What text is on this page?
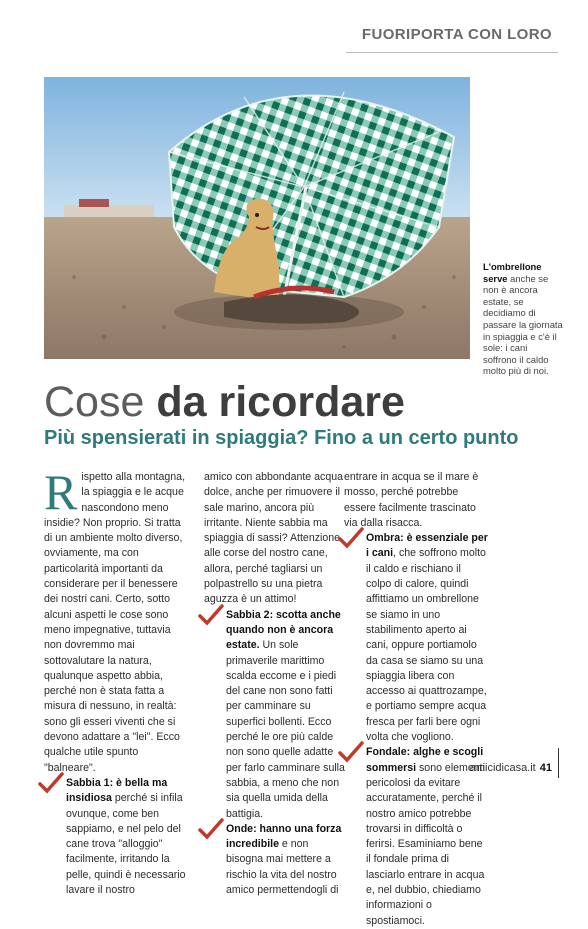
FUORIPORTA CON LORO
L'ombrellone serve anche se non è ancora estate, se decidiamo di passare la giornata in spiaggia e c'è il sole: i cani soffrono il caldo molto più di noi.
Cose da ricordare
Più spensierati in spiaggia? Fino a un certo punto

Rispetto alla montagna, la spiaggia e le acque nascondono meno insidie? Non proprio. Si tratta di un ambiente molto diverso, ovviamente, ma con particolarità importanti da considerare per il benessere dei nostri cani. Certo, sotto alcuni aspetti le cose sono meno impegnative, tuttavia non dovremmo mai sottovalutare la natura, qualunque aspetto abbia, perché non è stata fatta a misura di nessuno, in realtà: sono gli esseri viventi che si devono adattare a "lei". Ecco qualche utile spunto "balneare".

Sabbia 1: è bella ma insidiosa perché si infila ovunque, come ben sappiamo, e nel pelo del cane trova "alloggio" facilmente, irritando la pelle, quindi è necessario lavare il nostro

amico con abbondante acqua dolce, anche per rimuovere il sale marino, ancora più irritante. Niente sabbia ma spiaggia di sassi? Attenzione alle corse del nostro cane, allora, perché tagliarsi un polpastrello su una pietra aguzza è un attimo!

Sabbia 2: scotta anche quando non è ancora estate. Un sole primaverile marittimo scalda eccome e i piedi del cane non sono fatti per camminare su superfici bollenti. Ecco perché le ore più calde non sono quelle adatte per farlo camminare sulla sabbia, a meno che non sia quella umida della battigia.

Onde: hanno una forza incredibile e non bisogna mai mettere a rischio la vita del nostro amico permettendogli di

entrare in acqua se il mare è mosso, perché potrebbe essere facilmente trascinato via dalla risacca.

Ombra: è essenziale per i cani, che soffrono molto il caldo e rischiano il colpo di calore, quindi affittiamo un ombrellone se siamo in uno stabilimento aperto ai cani, oppure portiamolo da casa se siamo su una spiaggia libera con accesso ai quattrozampe, e portiamo sempre acqua fresca per farli bere ogni volta che vogliono.

Fondale: alghe e scogli sommersi sono elementi pericolosi da evitare accuratamente, perché il nostro amico potrebbe trovarsi in difficoltà o ferirsi. Esaminiamo bene il fondale prima di lasciarlo entrare in acqua e, nel dubbio, chiediamo informazioni o spostiamoci.

amicidicasa.it 41
